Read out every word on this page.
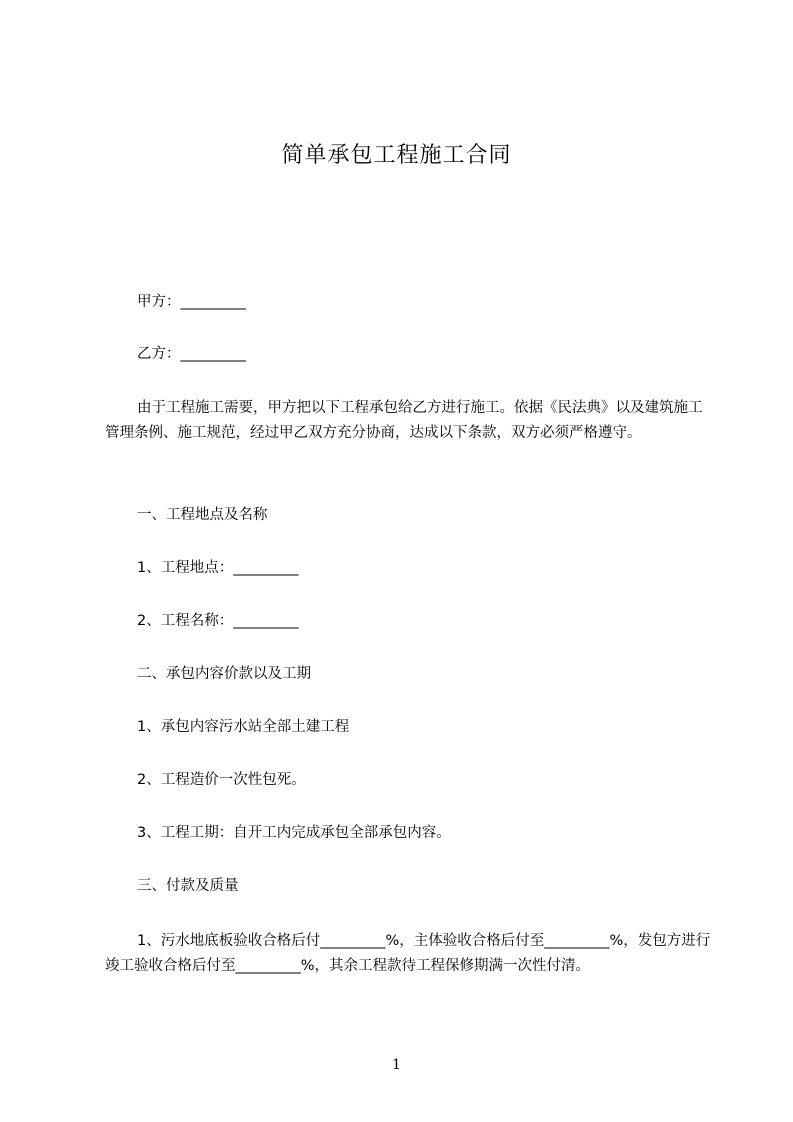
简单承包工程施工合同
甲方：_________
乙方：_________
由于工程施工需要，甲方把以下工程承包给乙方进行施工。依据《民法典》以及建筑施工管理条例、施工规范，经过甲乙双方充分协商，达成以下条款，双方必须严格遵守。
一、工程地点及名称
1、工程地点：_________
2、工程名称：_________
二、承包内容价款以及工期
1、承包内容污水站全部土建工程
2、工程造价一次性包死。
3、工程工期：自开工内完成承包全部承包内容。
三、付款及质量
1、污水地底板验收合格后付_________%，主体验收合格后付至_________%，发包方进行竣工验收合格后付至_________%，其余工程款待工程保修期满一次性付清。
1
